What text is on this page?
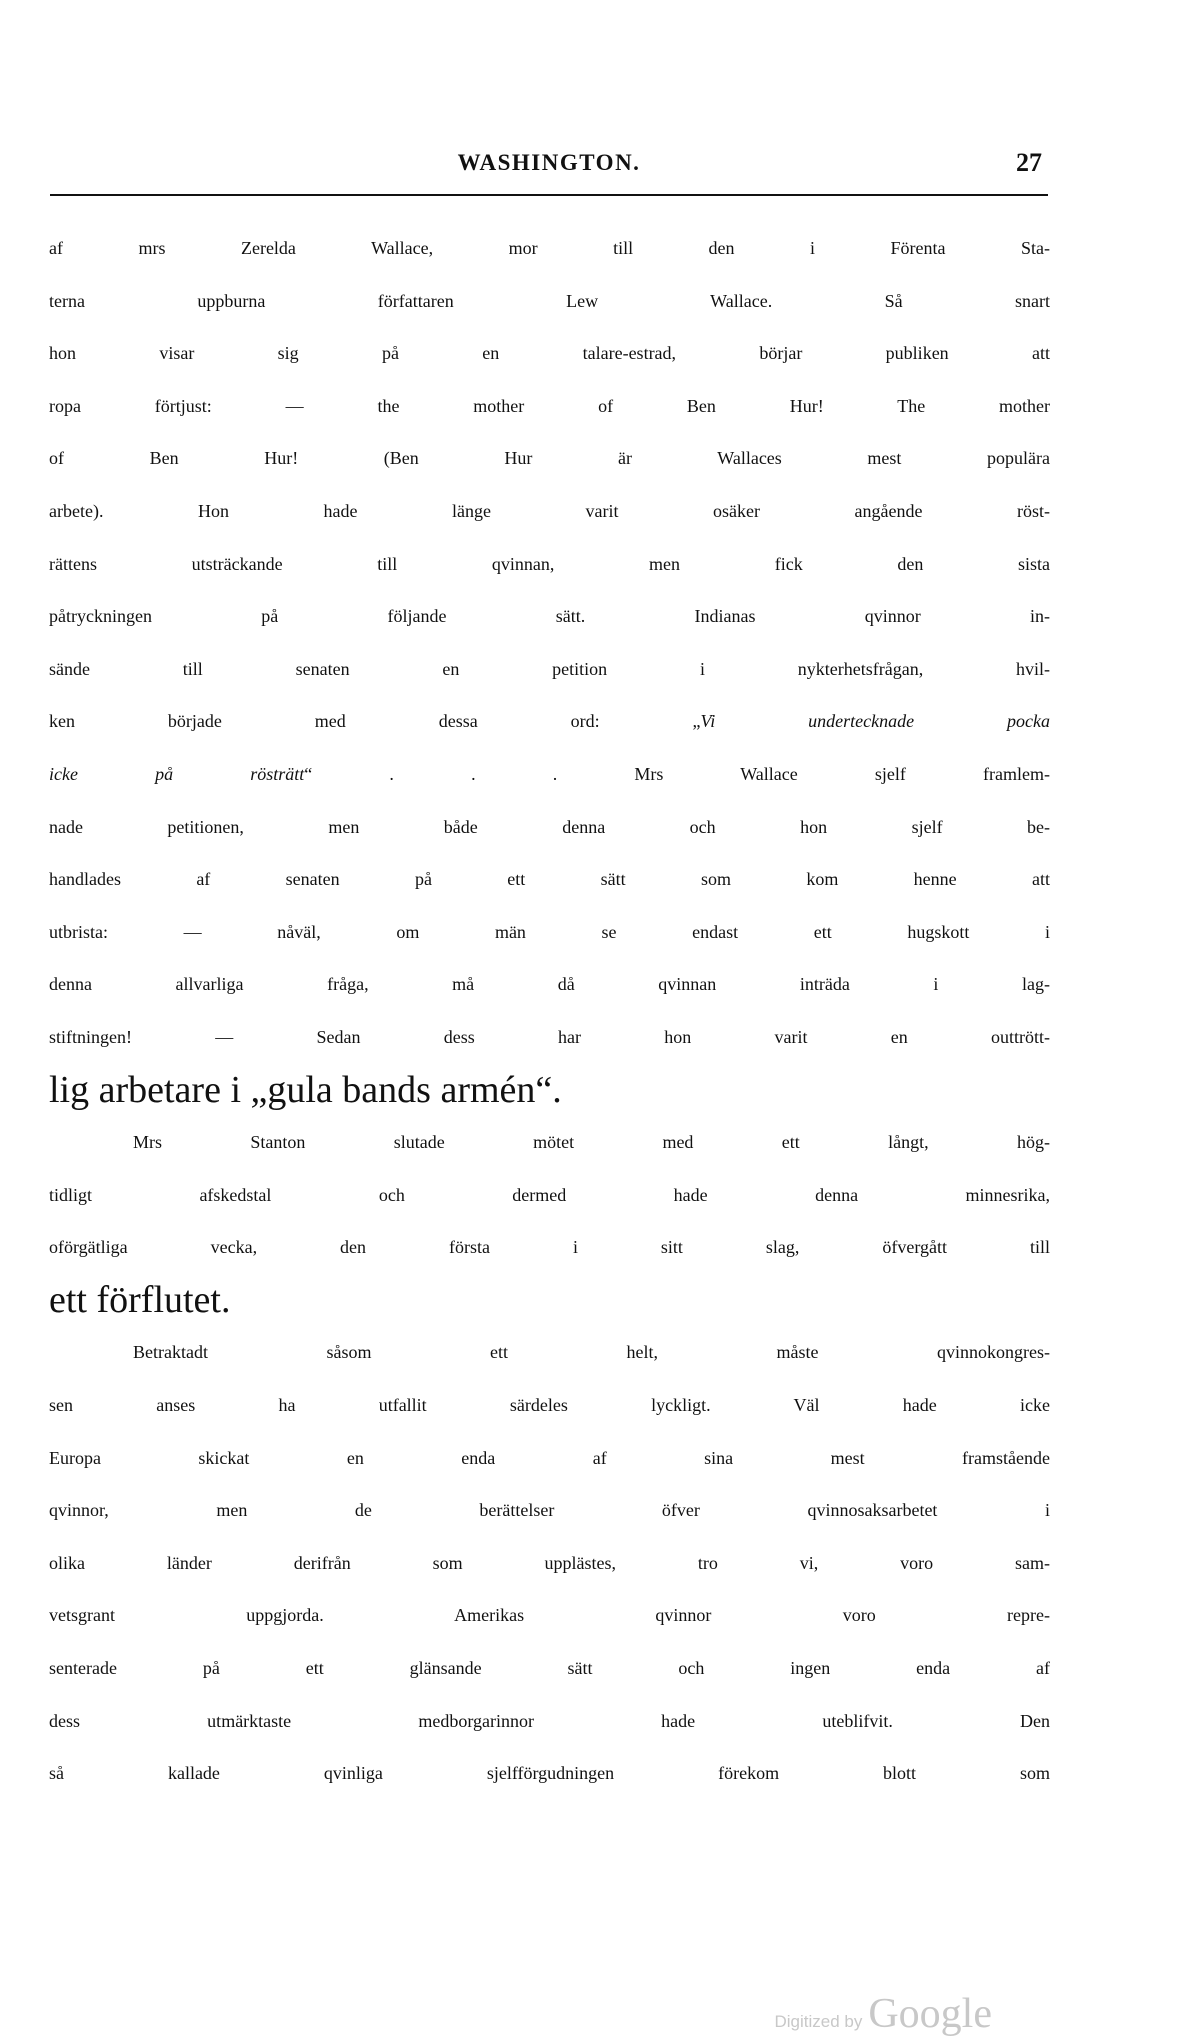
WASHINGTON.	27
af mrs Zerelda Wallace, mor till den i Förenta Sta-
terna uppburna författaren Lew Wallace. Så snart
hon visar sig på en talare-estrad, börjar publiken att
ropa förtjust: — the mother of Ben Hur! The mother
of Ben Hur! (Ben Hur är Wallaces mest populära
arbete). Hon hade länge varit osäker angående röst-
rättens utsträckande till qvinnan, men fick den sista
påtryckningen på följande sätt. Indianas qvinnor in-
sände till senaten en petition i nykterhetsfrågan, hvil-
ken började med dessa ord: „Vi undertecknade pocka
icke på rösträtt“ . . . Mrs Wallace sjelf framlem-
nade petitionen, men både denna och hon sjelf be-
handlades af senaten på ett sätt som kom henne att
utbrista: — nåväl, om män se endast ett hugskott i
denna allvarliga fråga, må då qvinnan inträda i lag-
stiftningen! — Sedan dess har hon varit en outtrött-
lig arbetare i „gula bands armén“.
Mrs Stanton slutade mötet med ett långt, hög-
tidligt afskedstal och dermed hade denna minnesrika,
oförgätliga vecka, den första i sitt slag, öfvergått till
ett förflutet.
Betraktadt såsom ett helt, måste qvinnokongres-
sen anses ha utfallit särdeles lyckligt. Väl hade icke
Europa skickat en enda af sina mest framstående
qvinnor, men de berättelser öfver qvinnosaksarbetet i
olika länder derifrån som upplästes, tro vi, voro sam-
vetsgrant uppgjorda. Amerikas qvinnor voro repre-
senterade på ett glänsande sätt och ingen enda af
dess utmärktaste medborgarinnor hade uteblifvit. Den
så kallade qvinliga sjelfförgudningen förekom blott som
Digitized by Google
